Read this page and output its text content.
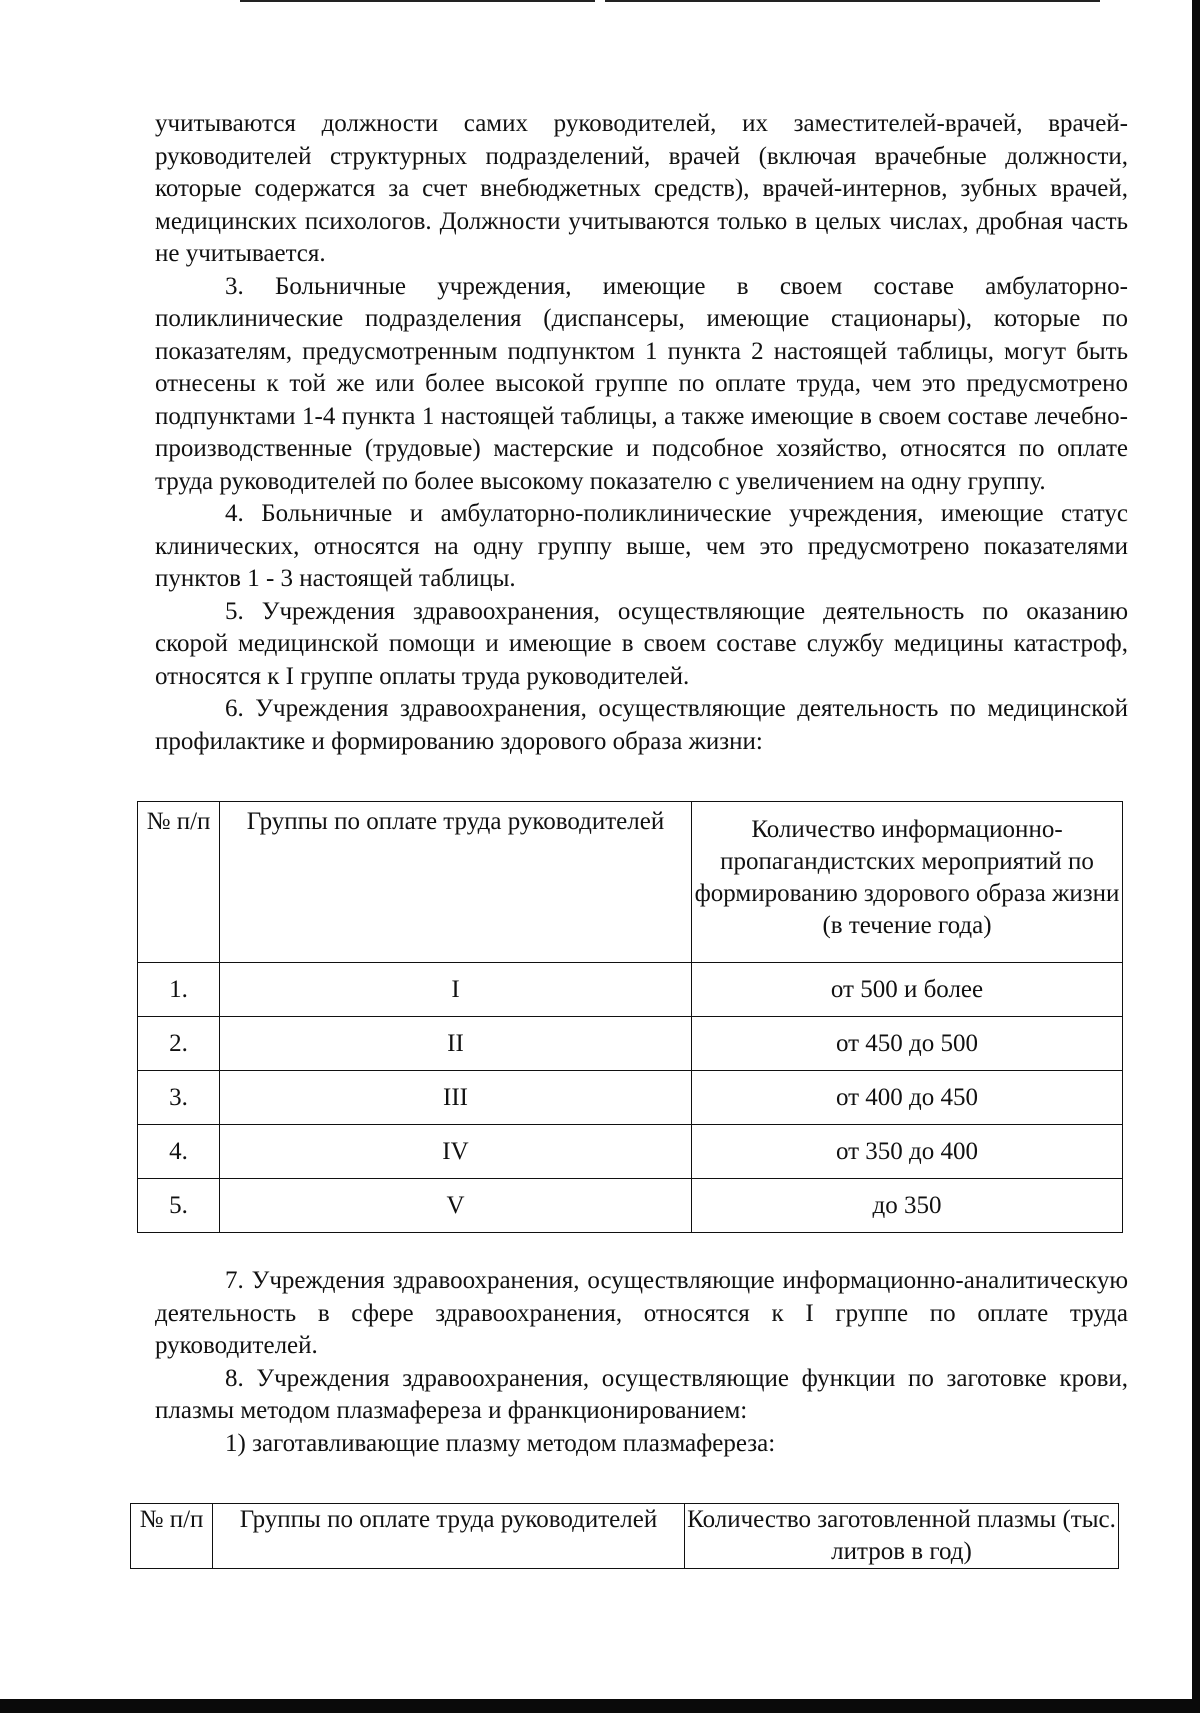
учитываются должности самих руководителей, их заместителей-врачей, врачей-руководителей структурных подразделений, врачей (включая врачебные должности, которые содержатся за счет внебюджетных средств), врачей-интернов, зубных врачей, медицинских психологов. Должности учитываются только в целых числах, дробная часть не учитывается.

3. Больничные учреждения, имеющие в своем составе амбулаторно-поликлинические подразделения (диспансеры, имеющие стационары), которые по показателям, предусмотренным подпунктом 1 пункта 2 настоящей таблицы, могут быть отнесены к той же или более высокой группе по оплате труда, чем это предусмотрено подпунктами 1-4 пункта 1 настоящей таблицы, а также имеющие в своем составе лечебно-производственные (трудовые) мастерские и подсобное хозяйство, относятся по оплате труда руководителей по более высокому показателю с увеличением на одну группу.

4. Больничные и амбулаторно-поликлинические учреждения, имеющие статус клинических, относятся на одну группу выше, чем это предусмотрено показателями пунктов 1 - 3 настоящей таблицы.

5. Учреждения здравоохранения, осуществляющие деятельность по оказанию скорой медицинской помощи и имеющие в своем составе службу медицины катастроф, относятся к I группе оплаты труда руководителей.

6. Учреждения здравоохранения, осуществляющие деятельность по медицинской профилактике и формированию здорового образа жизни:

№ п/п	Группы по оплате труда руководителей	Количество информационно-пропагандистских мероприятий по формированию здорового образа жизни (в течение года)
1.	I	от 500 и более
2.	II	от 450 до 500
3.	III	от 400 до 450
4.	IV	от 350 до 400
5.	V	до 350

7. Учреждения здравоохранения, осуществляющие информационно-аналитическую деятельность в сфере здравоохранения, относятся к I группе по оплате труда руководителей.

8. Учреждения здравоохранения, осуществляющие функции по заготовке крови, плазмы методом плазмафереза и франкционированием:

1) заготавливающие плазму методом плазмафереза:

№ п/п	Группы по оплате труда руководителей	Количество заготовленной плазмы (тыс. литров в год)
